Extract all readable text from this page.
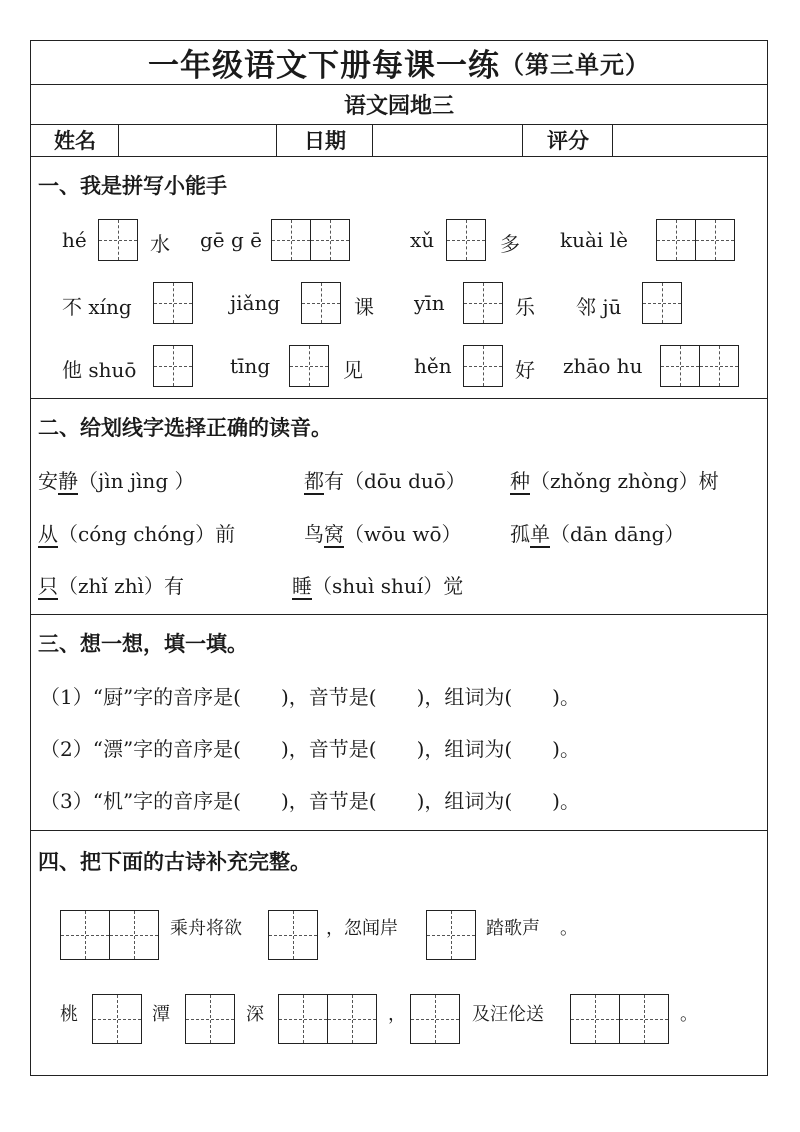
一年级语文下册每课一练 （第三单元）
语文园地三
姓名	日期	评分
一、我是拼写小能手
hé	水 gē g ē	xǔ	多 kuài lè
不 xíng	jiǎng	课 yīn	乐 邻 jū
他 shuō	tīng	见	hěn	好 zhāo hu
二、给划线字选择正确的读音。
安静（jìn jìng ）	都有（dōu duō） 种（zhǒng zhòng）树
从（cóng chóng）前	鸟窝（wōu wō） 孤单（dān dāng）
只（zhǐ zhì）有	睡（shuì shuí）觉
三、想一想，填一填。
（1）“厨”字的音序是(　　)，音节是(　　)，组词为(　　)。
（2）“漂”字的音序是(　　)，音节是(　　)，组词为(　　)。
（3）“机”字的音序是(　　)，音节是(　　)，组词为(　　)。
四、把下面的古诗补充完整。
乘舟将欲	，忽闻岸	踏歌声 。
桃	潭	深	，	及汪伦送	。
